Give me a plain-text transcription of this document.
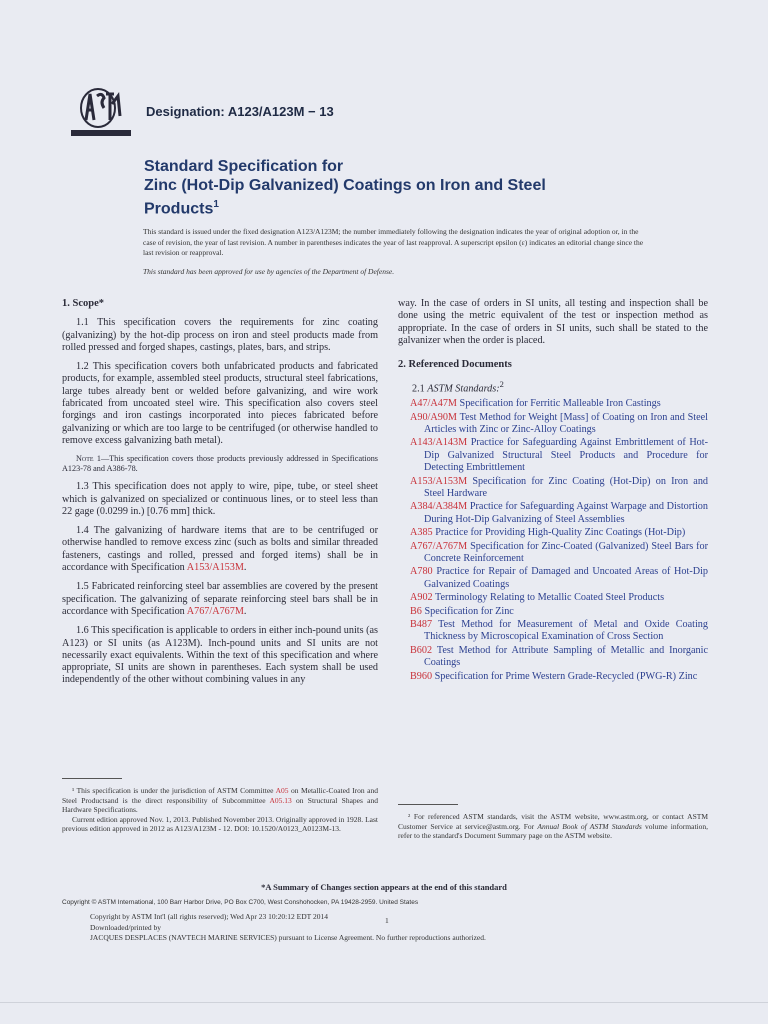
Designation: A123/A123M − 13
Standard Specification for
Zinc (Hot-Dip Galvanized) Coatings on Iron and Steel
Products$^1$
This standard is issued under the fixed designation A123/A123M; the number immediately following the designation indicates the year of original adoption or, in the case of revision, the year of last revision. A number in parentheses indicates the year of last reapproval. A superscript epsilon (ε) indicates an editorial change since the last revision or reapproval.
This standard has been approved for use by agencies of the Department of Defense.
1. Scope*

1.1 This specification covers the requirements for zinc coating (galvanizing) by the hot-dip process on iron and steel products made from rolled pressed and forged shapes, castings, plates, bars, and strips.

1.2 This specification covers both unfabricated products and fabricated products, for example, assembled steel products, structural steel fabrications, large tubes already bent or welded before galvanizing, and wire work fabricated from uncoated steel wire. This specification also covers steel forgings and iron castings incorporated into pieces fabricated before galvanizing or which are too large to be centrifuged (or otherwise handled to remove excess galvanizing bath metal).

Note 1—This specification covers those products previously addressed in Specifications A123-78 and A386-78.

1.3 This specification does not apply to wire, pipe, tube, or steel sheet which is galvanized on specialized or continuous lines, or to steel less than 22 gage (0.0299 in.) [0.76 mm] thick.

1.4 The galvanizing of hardware items that are to be centrifuged or otherwise handled to remove excess zinc (such as bolts and similar threaded fasteners, castings and rolled, pressed and forged items) shall be in accordance with Specification A153/A153M.

1.5 Fabricated reinforcing steel bar assemblies are covered by the present specification. The galvanizing of separate reinforcing steel bars shall be in accordance with Specification A767/A767M.

1.6 This specification is applicable to orders in either inch-pound units (as A123) or SI units (as A123M). Inch-pound units and SI units are not necessarily exact equivalents. Within the text of this specification and where appropriate, SI units are shown in parentheses. Each system shall be used independently of the other without combining values in any

way. In the case of orders in SI units, all testing and inspection shall be done using the metric equivalent of the test or inspection method as appropriate. In the case of orders in SI units, such shall be stated to the galvanizer when the order is placed.

2. Referenced Documents
2.1 ASTM Standards:$^2$
A47/A47M Specification for Ferritic Malleable Iron Castings
A90/A90M Test Method for Weight [Mass] of Coating on Iron and Steel Articles with Zinc or Zinc-Alloy Coatings
A143/A143M Practice for Safeguarding Against Embrittlement of Hot-Dip Galvanized Structural Steel Products and Procedure for Detecting Embrittlement
A153/A153M Specification for Zinc Coating (Hot-Dip) on Iron and Steel Hardware
A384/A384M Practice for Safeguarding Against Warpage and Distortion During Hot-Dip Galvanizing of Steel Assemblies
A385 Practice for Providing High-Quality Zinc Coatings (Hot-Dip)
A767/A767M Specification for Zinc-Coated (Galvanized) Steel Bars for Concrete Reinforcement
A780 Practice for Repair of Damaged and Uncoated Areas of Hot-Dip Galvanized Coatings
A902 Terminology Relating to Metallic Coated Steel Products
B6 Specification for Zinc
B487 Test Method for Measurement of Metal and Oxide Coating Thickness by Microscopical Examination of Cross Section
B602 Test Method for Attribute Sampling of Metallic and Inorganic Coatings
B960 Specification for Prime Western Grade-Recycled (PWG-R) Zinc

¹ This specification is under the jurisdiction of ASTM Committee A05 on Metallic-Coated Iron and Steel Productsand is the direct responsibility of Subcommittee A05.13 on Structural Shapes and Hardware Specifications.

Current edition approved Nov. 1, 2013. Published November 2013. Originally approved in 1928. Last previous edition approved in 2012 as A123/A123M - 12. DOI: 10.1520/A0123_A0123M-13.

² For referenced ASTM standards, visit the ASTM website, www.astm.org, or contact ASTM Customer Service at service@astm.org. For Annual Book of ASTM Standards volume information, refer to the standard's Document Summary page on the ASTM website.

*A Summary of Changes section appears at the end of this standard
Copyright © ASTM International, 100 Barr Harbor Drive, PO Box C700, West Conshohocken, PA 19428-2959. United States
Copyright by ASTM Int'l (all rights reserved); Wed Apr 23 10:20:12 EDT 2014
Downloaded/printed by
JACQUES DESPLACES (NAVTECH MARINE SERVICES) pursuant to License Agreement. No further reproductions authorized.
1
